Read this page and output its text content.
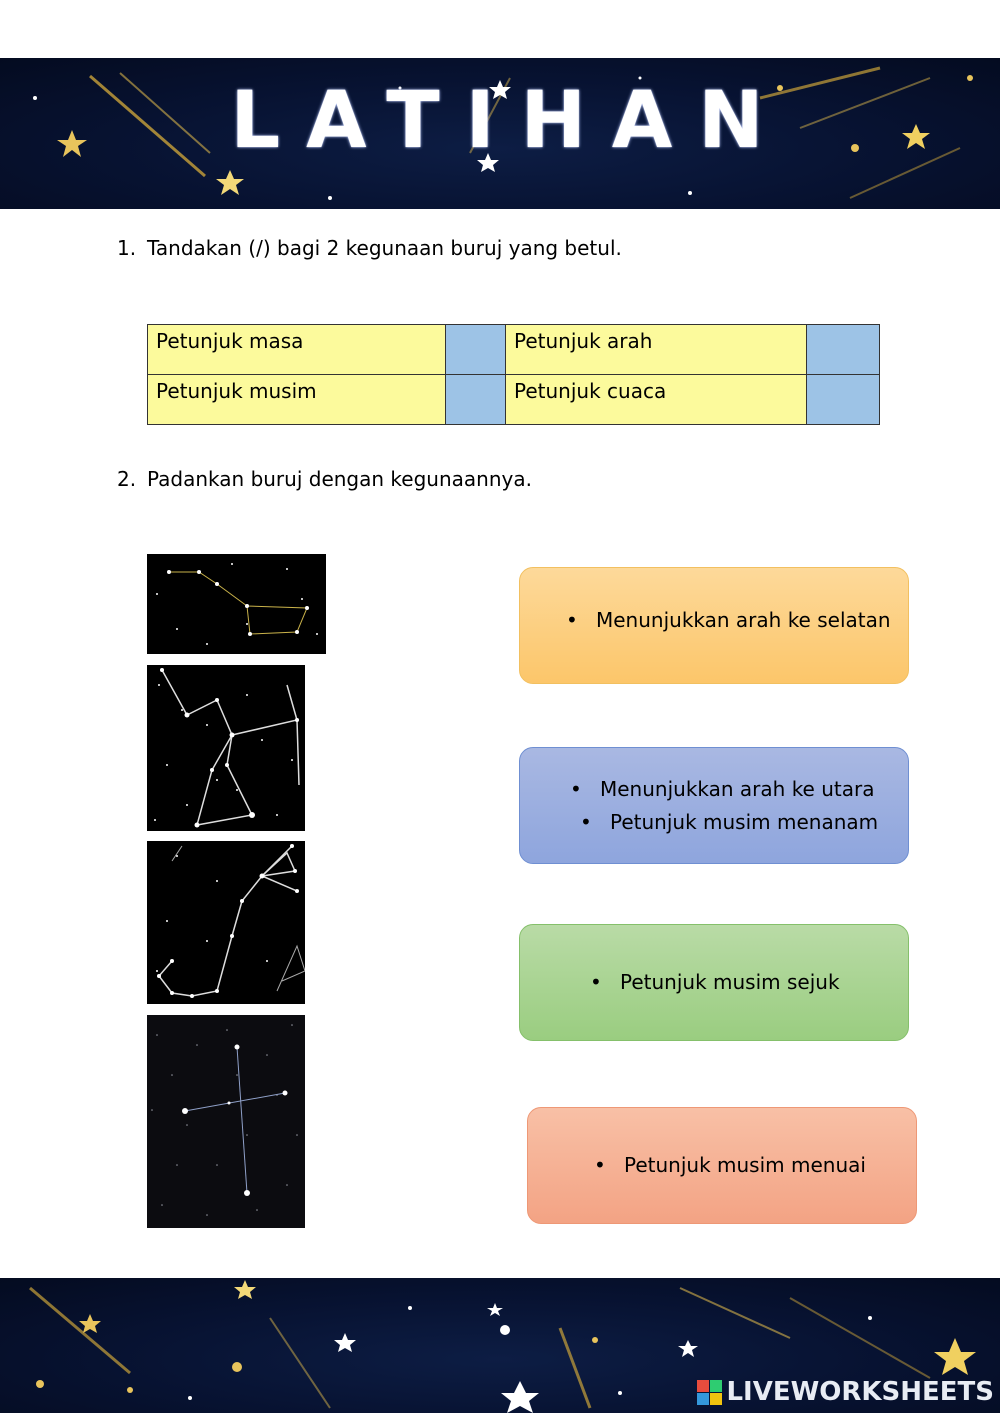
LATIHAN
1. Tandakan (/) bagi 2 kegunaan buruj yang betul.
Petunjuk masa		Petunjuk arah	
Petunjuk musim		Petunjuk cuaca	
2. Padankan buruj dengan kegunaannya.
• Menunjukkan arah ke selatan
• Menunjukkan arah ke utara
• Petunjuk musim menanam
• Petunjuk musim sejuk
• Petunjuk musim menuai
LIVEWORKSHEETS
